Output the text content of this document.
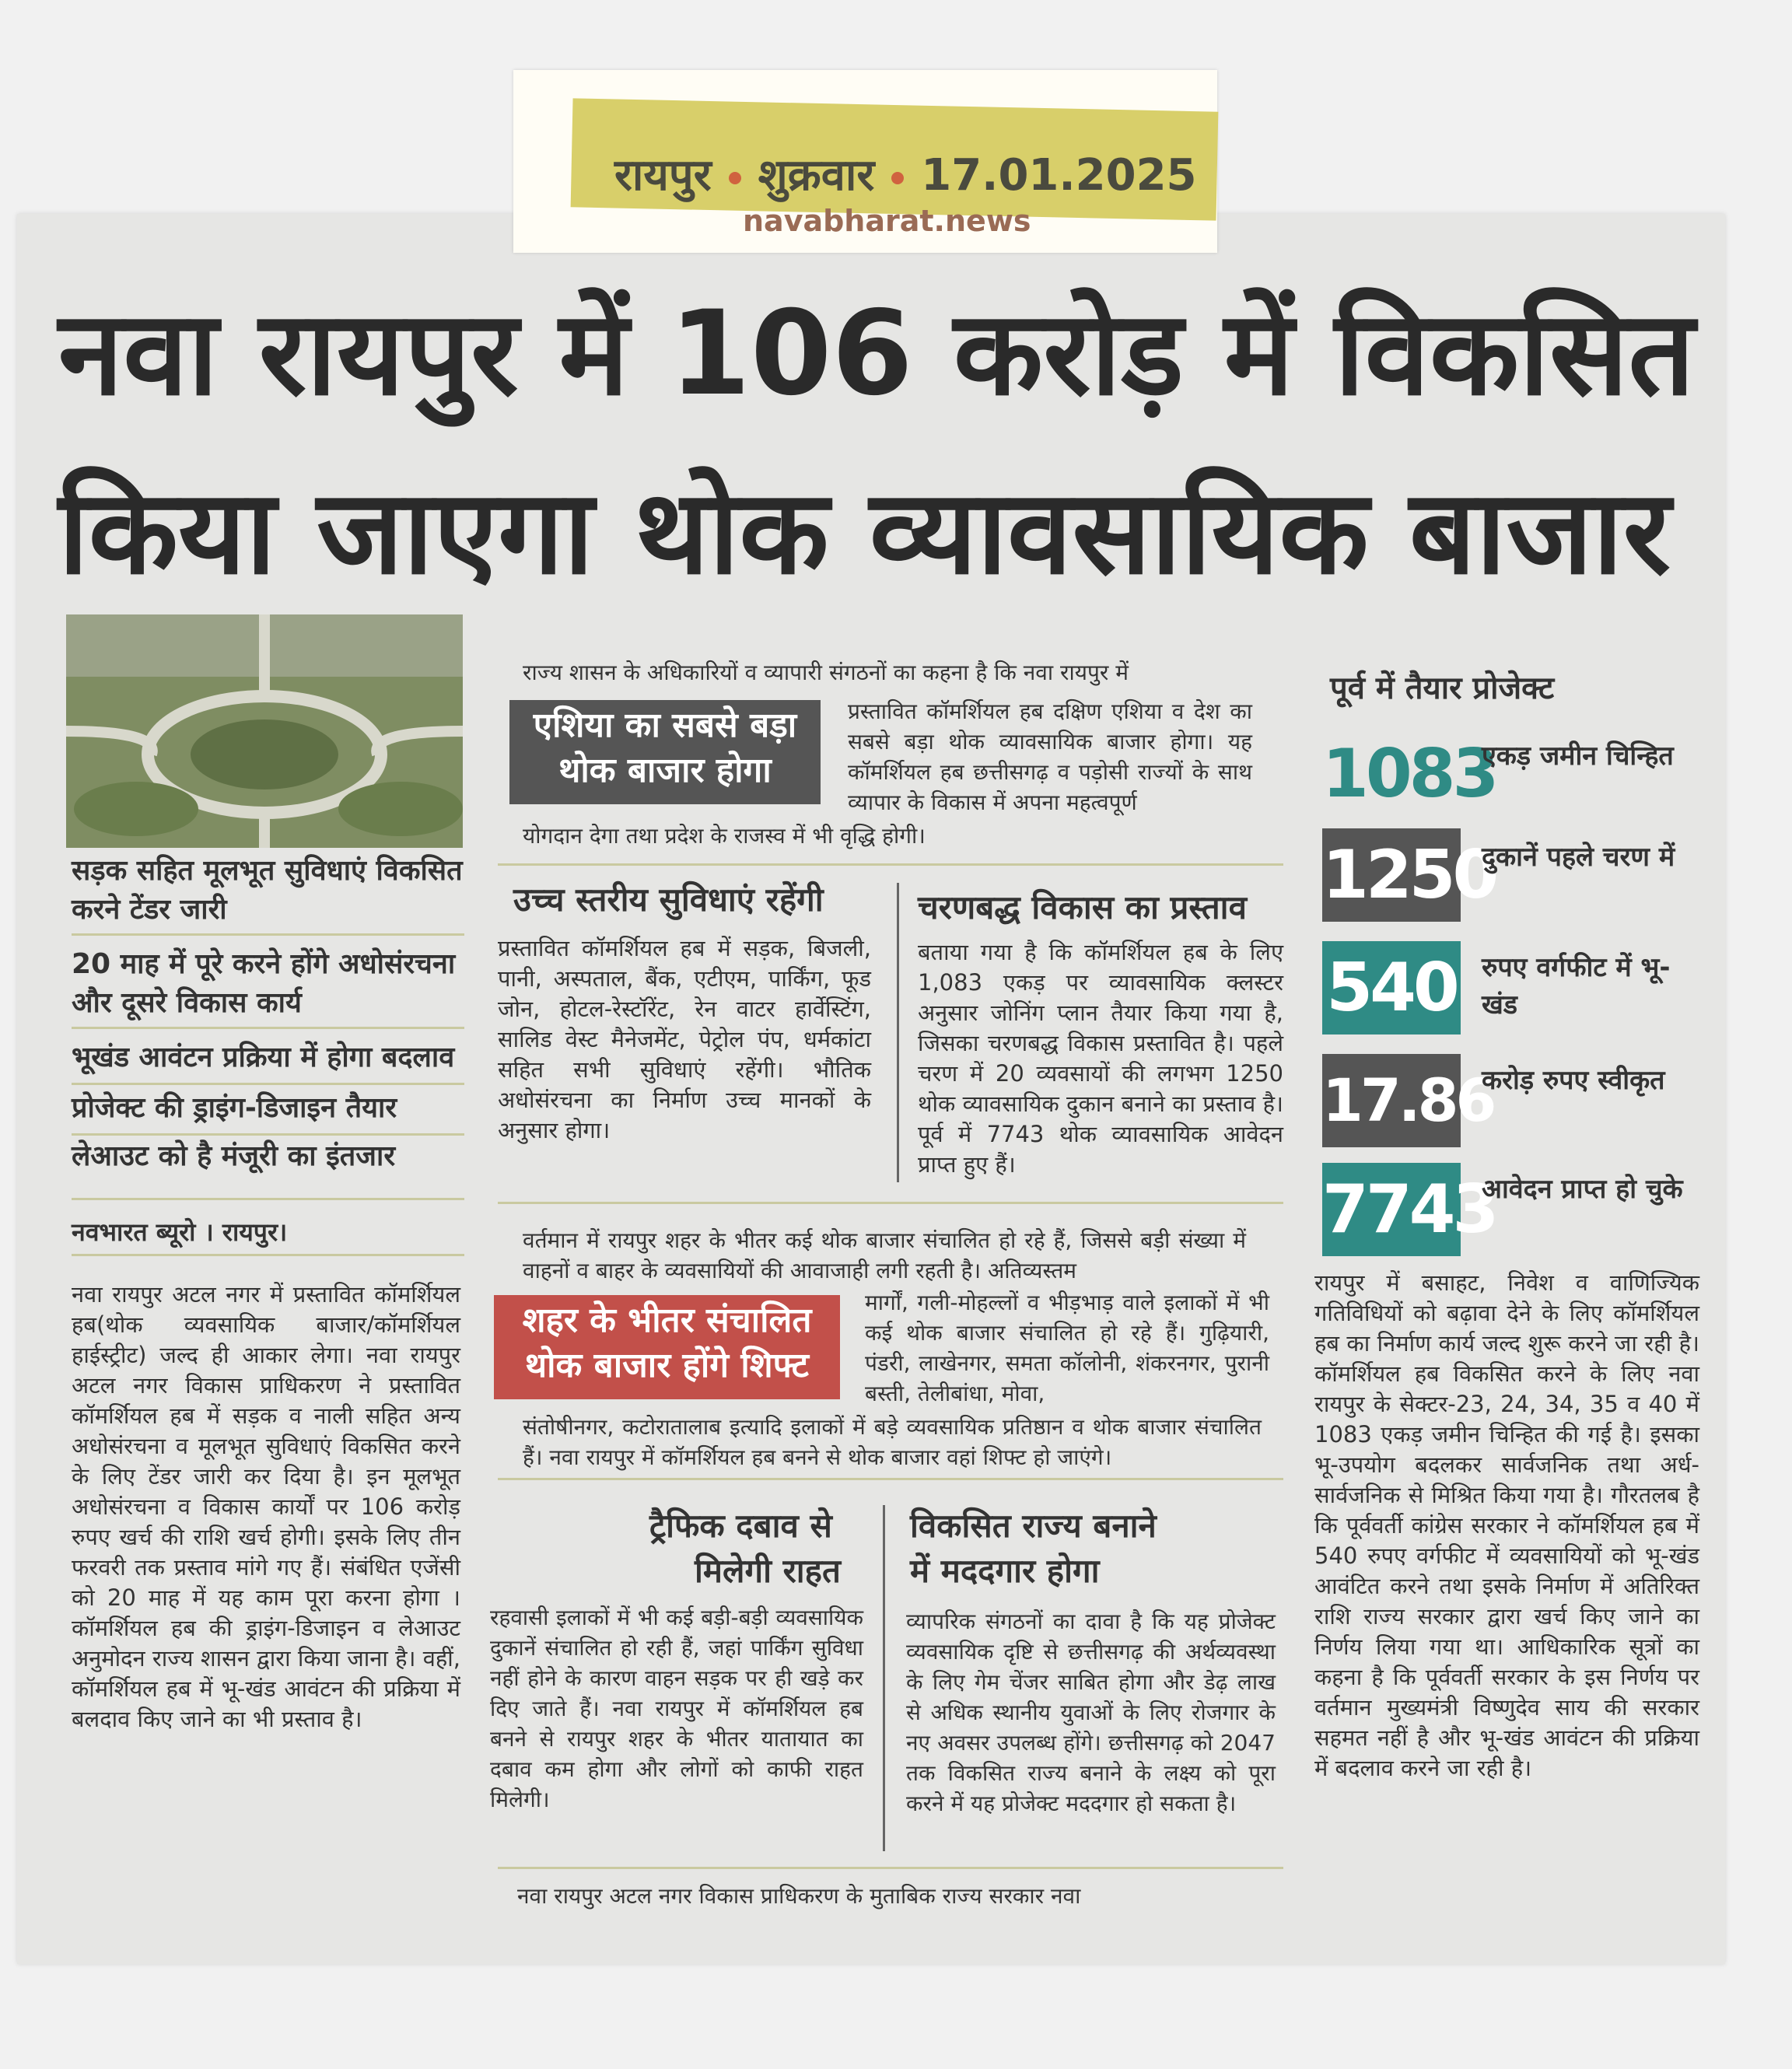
रायपुर शुक्रवार 17.01.2025
navabharat.news
नवा रायपुर में 106 करोड़ में विकसित
किया जाएगा थोक व्यावसायिक बाजार
सड़क सहित मूलभूत सुविधाएं विकसित करने टेंडर जारी
20 माह में पूरे करने होंगे अधोसंरचना और दूसरे विकास कार्य
भूखंड आवंटन प्रक्रिया में होगा बदलाव
प्रोजेक्ट की ड्राइंग-डिजाइन तैयार
लेआउट को है मंजूरी का इंतजार
नवभारत ब्यूरो । रायपुर।
नवा रायपुर अटल नगर में प्रस्तावित कॉमर्शियल हब(थोक व्यवसायिक बाजार/कॉमर्शियल हाईस्ट्रीट) जल्द ही आकार लेगा। नवा रायपुर अटल नगर विकास प्राधिकरण ने प्रस्तावित कॉमर्शियल हब में सड़क व नाली सहित अन्य अधोसंरचना व मूलभूत सुविधाएं विकसित करने के लिए टेंडर जारी कर दिया है। इन मूलभूत अधोसंरचना व विकास कार्यों पर 106 करोड़ रुपए खर्च की राशि खर्च होगी। इसके लिए तीन फरवरी तक प्रस्ताव मांगे गए हैं। संबंधित एजेंसी को 20 माह में यह काम पूरा करना होगा । कॉमर्शियल हब की ड्राइंग-डिजाइन व लेआउट अनुमोदन राज्य शासन द्वारा किया जाना है। वहीं, कॉमर्शियल हब में भू-खंड आवंटन की प्रक्रिया में बलदाव किए जाने का भी प्रस्ताव है।
राज्य शासन के अधिकारियों व व्यापारी संगठनों का कहना है कि नवा रायपुर में
एशिया का सबसे बड़ा थोक बाजार होगा
प्रस्तावित कॉमर्शियल हब दक्षिण एशिया व देश का सबसे बड़ा थोक व्यावसायिक बाजार होगा। यह कॉमर्शियल हब छत्तीसगढ़ व पड़ोसी राज्यों के साथ व्यापार के विकास में अपना महत्वपूर्ण
योगदान देगा तथा प्रदेश के राजस्व में भी वृद्धि होगी।
उच्च स्तरीय सुविधाएं रहेंगी
प्रस्तावित कॉमर्शियल हब में सड़क, बिजली, पानी, अस्पताल, बैंक, एटीएम, पार्किंग, फूड जोन, होटल-रेस्टॉरेंट, रेन वाटर हार्वेस्टिंग, सालिड वेस्ट मैनेजमेंट, पेट्रोल पंप, धर्मकांटा सहित सभी सुविधाएं रहेंगी। भौतिक अधोसंरचना का निर्माण उच्च मानकों के अनुसार होगा।
चरणबद्ध विकास का प्रस्ताव
बताया गया है कि कॉमर्शियल हब के लिए 1,083 एकड़ पर व्यावसायिक क्लस्टर अनुसार जोनिंग प्लान तैयार किया गया है, जिसका चरणबद्ध विकास प्रस्तावित है। पहले चरण में 20 व्यवसायों की लगभग 1250 थोक व्यावसायिक दुकान बनाने का प्रस्ताव है। पूर्व में 7743 थोक व्यावसायिक आवेदन प्राप्त हुए हैं।
वर्तमान में रायपुर शहर के भीतर कई थोक बाजार संचालित हो रहे हैं, जिससे बड़ी संख्या में वाहनों व बाहर के व्यवसायियों की आवाजाही लगी रहती है। अतिव्यस्तम
शहर के भीतर संचालित थोक बाजार होंगे शिफ्ट
मार्गों, गली-मोहल्लों व भीड़भाड़ वाले इलाकों में भी कई थोक बाजार संचालित हो रहे हैं। गुढ़ियारी, पंडरी, लाखेनगर, समता कॉलोनी, शंकरनगर, पुरानी बस्ती, तेलीबांधा, मोवा,
संतोषीनगर, कटोरातालाब इत्यादि इलाकों में बड़े व्यवसायिक प्रतिष्ठान व थोक बाजार संचालित हैं। नवा रायपुर में कॉमर्शियल हब बनने से थोक बाजार वहां शिफ्ट हो जाएंगे।
ट्रैफिक दबाव से
मिलेगी राहत
रहवासी इलाकों में भी कई बड़ी-बड़ी व्यवसायिक दुकानें संचालित हो रही हैं, जहां पार्किंग सुविधा नहीं होने के कारण वाहन सड़क पर ही खड़े कर दिए जाते हैं। नवा रायपुर में कॉमर्शियल हब बनने से रायपुर शहर के भीतर यातायात का दबाव कम होगा और लोगों को काफी राहत मिलेगी।
विकसित राज्य बनाने
में मददगार होगा
व्यापरिक संगठनों का दावा है कि यह प्रोजेक्ट व्यवसायिक दृष्टि से छत्तीसगढ़ की अर्थव्यवस्था के लिए गेम चेंजर साबित होगा और डेढ़ लाख से अधिक स्थानीय युवाओं के लिए रोजगार के नए अवसर उपलब्ध होंगे। छत्तीसगढ़ को 2047 तक विकसित राज्य बनाने के लक्ष्य को पूरा करने में यह प्रोजेक्ट मददगार हो सकता है।
नवा रायपुर अटल नगर विकास प्राधिकरण के मुताबिक राज्य सरकार नवा
पूर्व में तैयार प्रोजेक्ट
1083
एकड़ जमीन चिन्हित
1250
दुकानें पहले चरण में
540 रुपए वर्गफीट में भू-खंड
17.86
करोड़ रुपए स्वीकृत
7743
आवेदन प्राप्त हो चुके
रायपुर में बसाहट, निवेश व वाणिज्यिक गतिविधियों को बढ़ावा देने के लिए कॉमर्शियल हब का निर्माण कार्य जल्द शुरू करने जा रही है। कॉमर्शियल हब विकसित करने के लिए नवा रायपुर के सेक्टर-23, 24, 34, 35 व 40 में 1083 एकड़ जमीन चिन्हित की गई है। इसका भू-उपयोग बदलकर सार्वजनिक तथा अर्ध-सार्वजनिक से मिश्रित किया गया है। गौरतलब है कि पूर्ववर्ती कांग्रेस सरकार ने कॉमर्शियल हब में 540 रुपए वर्गफीट में व्यवसायियों को भू-खंड आवंटित करने तथा इसके निर्माण में अतिरिक्त राशि राज्य सरकार द्वारा खर्च किए जाने का निर्णय लिया गया था। आधिकारिक सूत्रों का कहना है कि पूर्ववर्ती सरकार के इस निर्णय पर वर्तमान मुख्यमंत्री विष्णुदेव साय की सरकार सहमत नहीं है और भू-खंड आवंटन की प्रक्रिया में बदलाव करने जा रही है।
